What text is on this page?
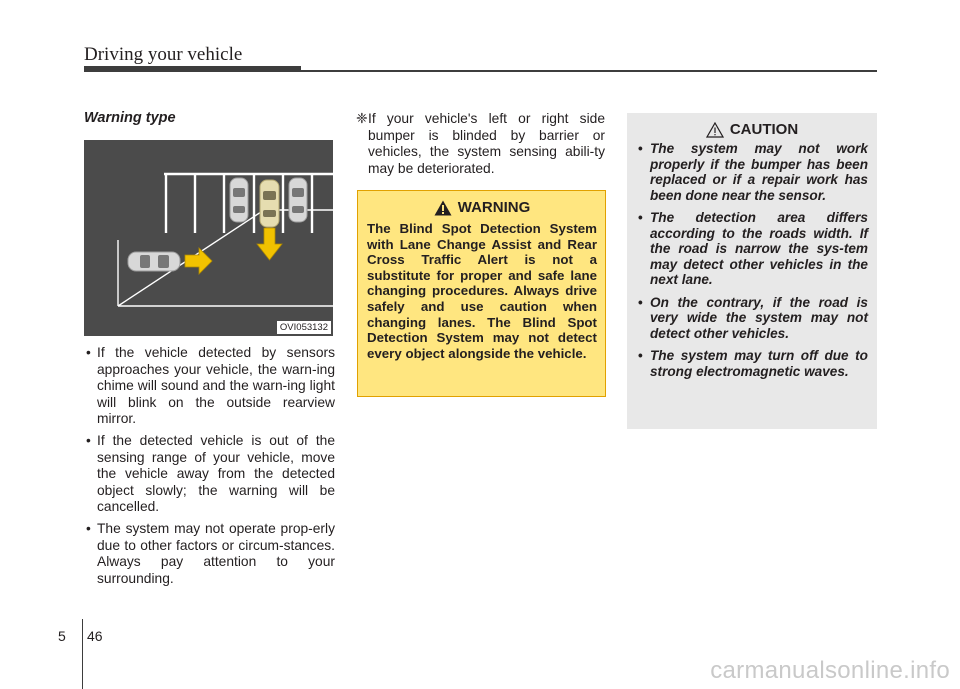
Driving your vehicle
Warning type
OVI053132
• If the vehicle detected by sensors approaches your vehicle, the warn-ing chime will sound and the warn-ing light will blink on the outside rearview mirror.
• If the detected vehicle is out of the sensing range of your vehicle, move the vehicle away from the detected object slowly; the warning will be cancelled.
• The system may not operate prop-erly due to other factors or circum-stances. Always pay attention to your surrounding.
❈ If your vehicle's left or right side bumper is blinded by barrier or vehicles, the system sensing abili-ty may be deteriorated.
WARNING
The Blind Spot Detection System with Lane Change Assist and Rear Cross Traffic Alert is not a substitute for proper and safe lane changing procedures. Always drive safely and use caution when changing lanes. The Blind Spot Detection System may not detect every object alongside the vehicle.
CAUTION
• The system may not work properly if the bumper has been replaced or if a repair work has been done near the sensor.
• The detection area differs according to the roads width. If the road is narrow the sys-tem may detect other vehicles in the next lane.
• On the contrary, if the road is very wide the system may not detect other vehicles.
• The system may turn off due to strong electromagnetic waves.
5 46
carmanualsonline.info
